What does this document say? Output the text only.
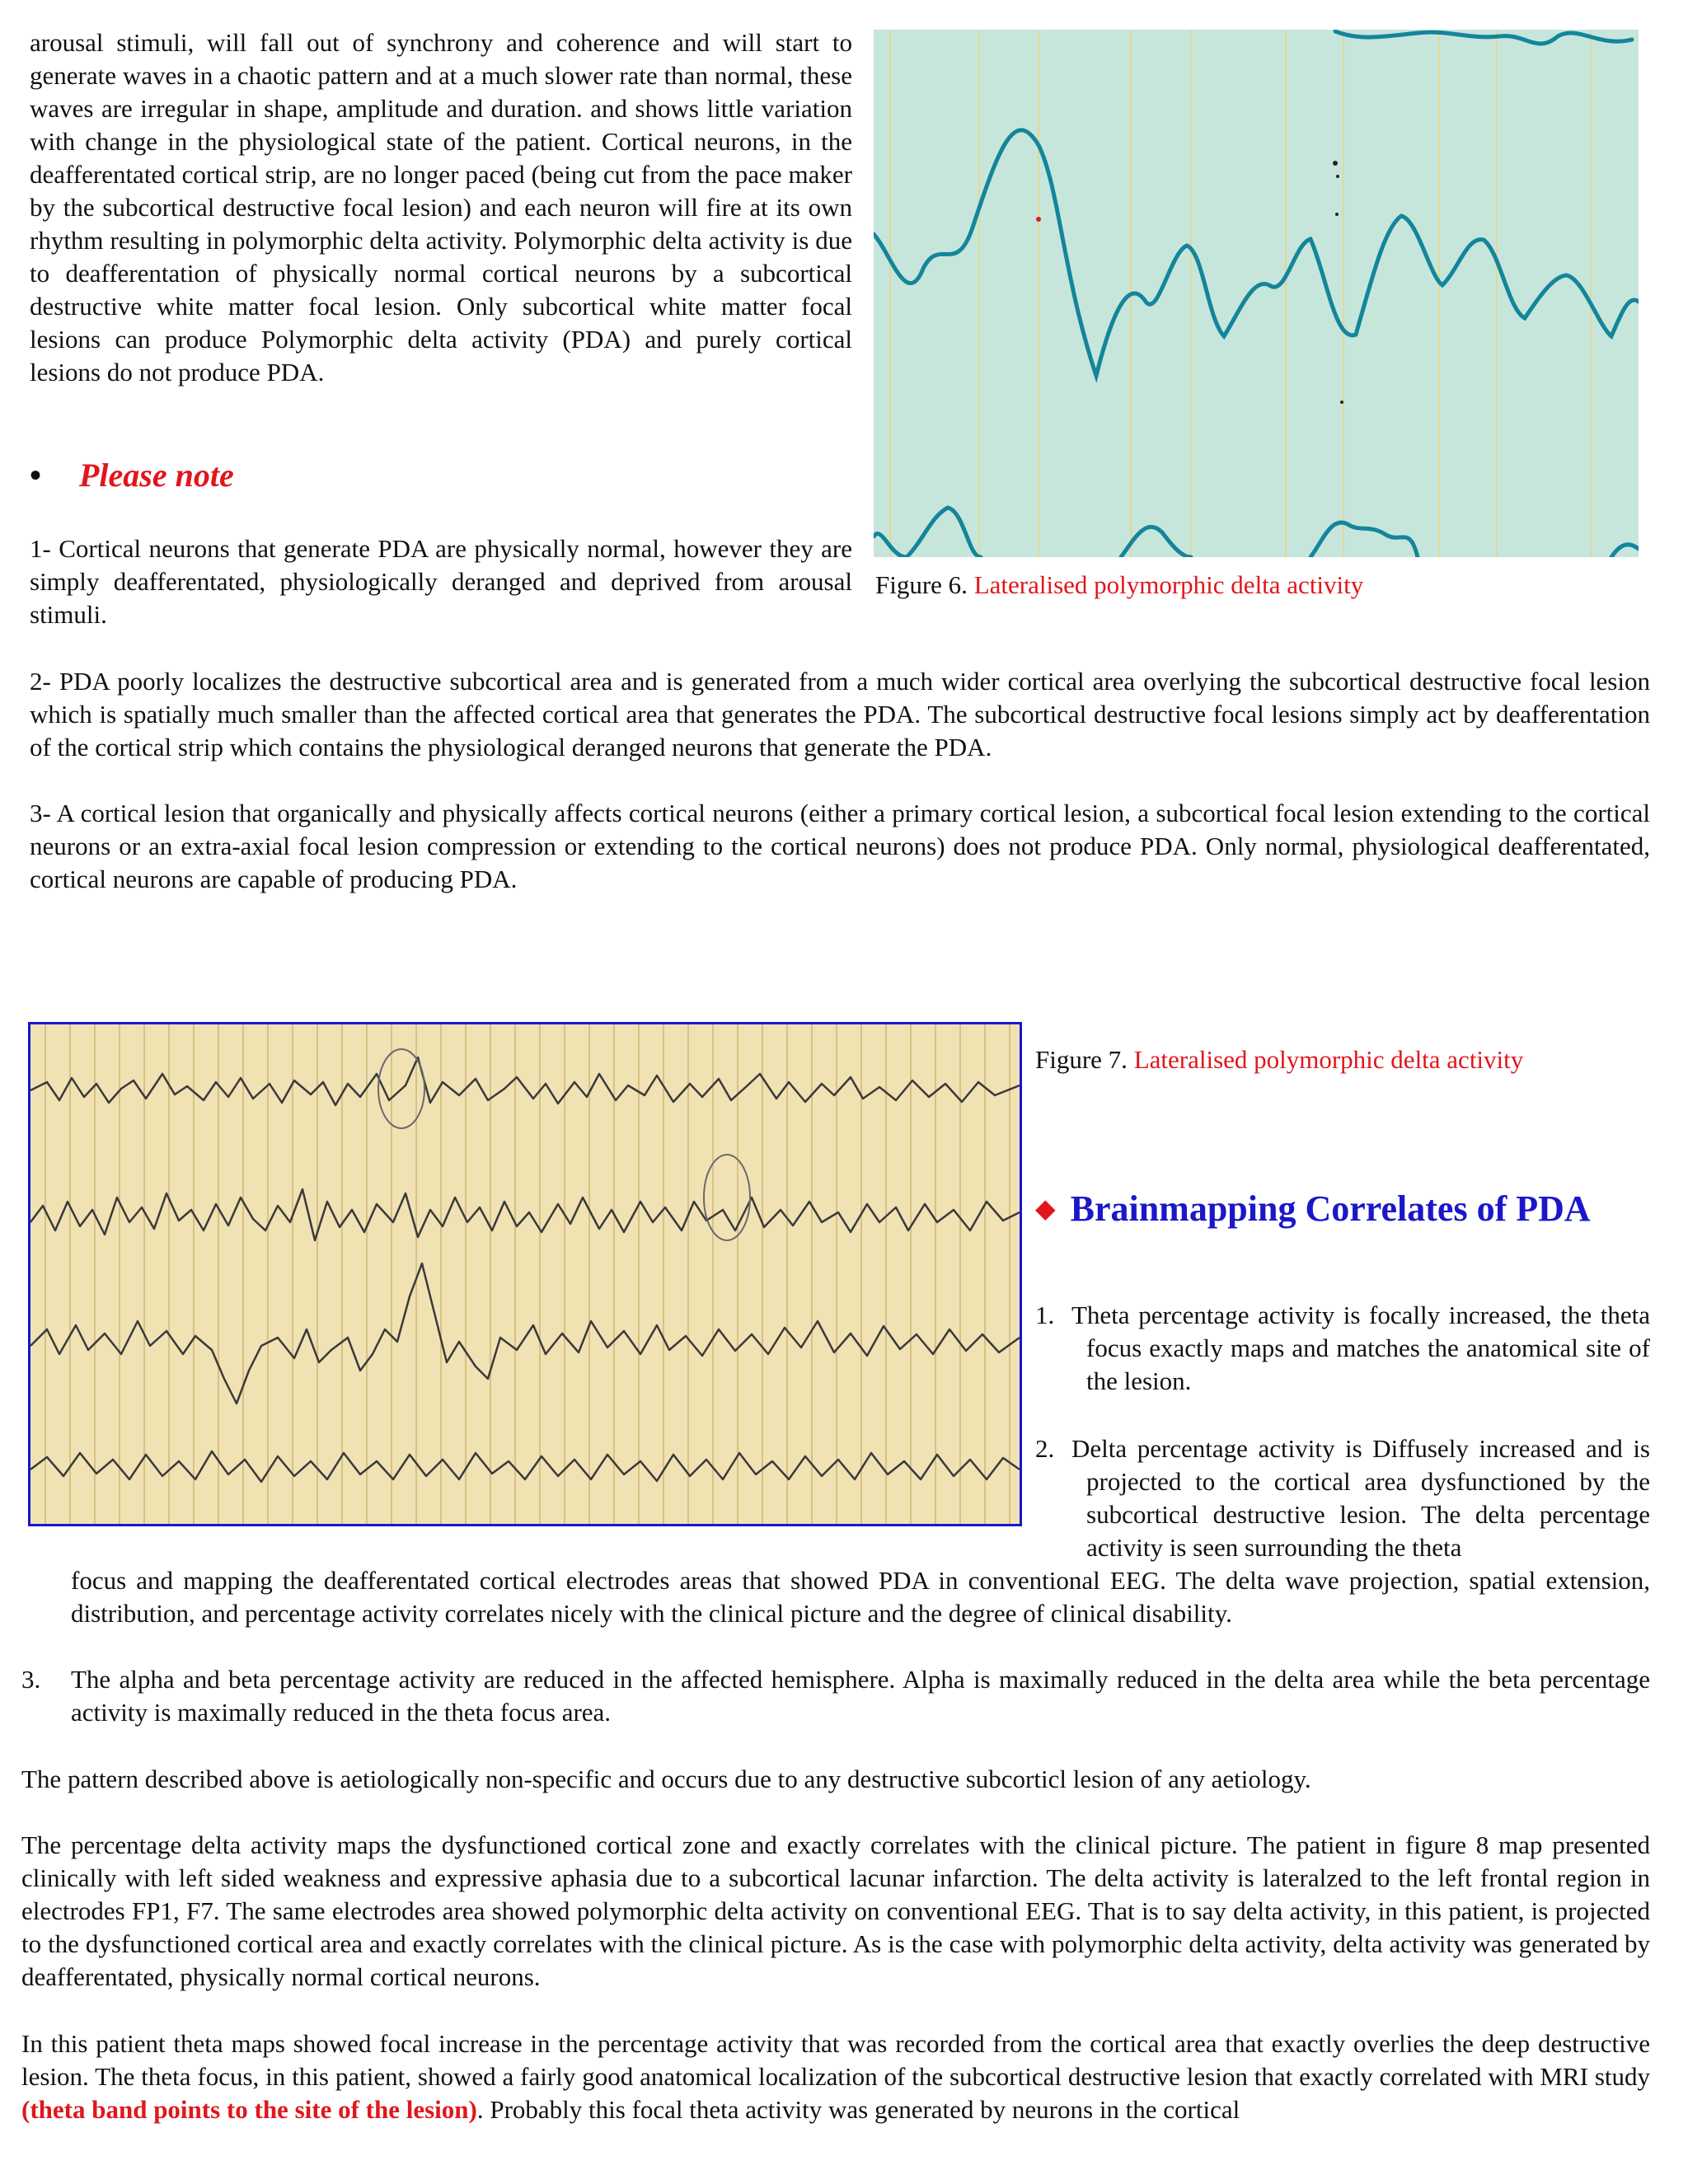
arousal stimuli, will fall out of synchrony and coherence and will start to generate waves in a chaotic pattern and at a much slower rate than normal, these waves are irregular in shape, amplitude and duration. and shows little variation with change in the physiological state of the patient. Cortical neurons, in the deafferentated cortical strip, are no longer paced (being cut from the pace maker by the subcortical destructive focal lesion) and each neuron will fire at its own rhythm resulting in polymorphic delta activity. Polymorphic delta activity is due to deafferentation of physically normal cortical neurons by a subcortical destructive white matter focal lesion. Only subcortical white matter focal lesions can produce Polymorphic delta activity (PDA) and purely cortical lesions do not produce PDA.

Figure 6. Lateralised polymorphic delta activity
• Please note

1- Cortical neurons that generate PDA are physically normal, however they are simply deafferentated, physiologically deranged and deprived from arousal stimuli.

2- PDA poorly localizes the destructive subcortical area and is generated from a much wider cortical area overlying the subcortical destructive focal lesion which is spatially much smaller than the affected cortical area that generates the PDA. The subcortical destructive focal lesions simply act by deafferentation of the cortical strip which contains the physiological deranged neurons that generate the PDA.

3- A cortical lesion that organically and physically affects cortical neurons (either a primary cortical lesion, a subcortical focal lesion extending to the cortical neurons or an extra-axial focal lesion compression or extending to the cortical neurons) does not produce PDA. Only normal, physiological deafferentated, cortical neurons are capable of producing PDA.

Figure 7. Lateralised polymorphic delta activity
◆ Brainmapping Correlates of PDA
1. Theta percentage activity is focally increased, the theta focus exactly maps and matches the anatomical site of the lesion.
2. Delta percentage activity is Diffusely increased and is projected to the cortical area dysfunctioned by the subcortical destructive lesion. The delta percentage activity is seen surrounding the theta

focus and mapping the deafferentated cortical electrodes areas that showed PDA in conventional EEG. The delta wave projection, spatial extension, distribution, and percentage activity correlates nicely with the clinical picture and the degree of clinical disability.

3. The alpha and beta percentage activity are reduced in the affected hemisphere. Alpha is maximally reduced in the delta area while the beta percentage activity is maximally reduced in the theta focus area.

The pattern described above is aetiologically non-specific and occurs due to any destructive subcorticl lesion of any aetiology.

The percentage delta activity maps the dysfunctioned cortical zone and exactly correlates with the clinical picture. The patient in figure 8 map presented clinically with left sided weakness and expressive aphasia due to a subcortical lacunar infarction. The delta activity is lateralzed to the left frontal region in electrodes FP1, F7. The same electrodes area showed polymorphic delta activity on conventional EEG. That is to say delta activity, in this patient, is projected to the dysfunctioned cortical area and exactly correlates with the clinical picture. As is the case with polymorphic delta activity, delta activity was generated by deafferentated, physically normal cortical neurons.

In this patient theta maps showed focal increase in the percentage activity that was recorded from the cortical area that exactly overlies the deep destructive lesion. The theta focus, in this patient, showed a fairly good anatomical localization of the subcortical destructive lesion that exactly correlated with MRI study (theta band points to the site of the lesion). Probably this focal theta activity was generated by neurons in the cortical
